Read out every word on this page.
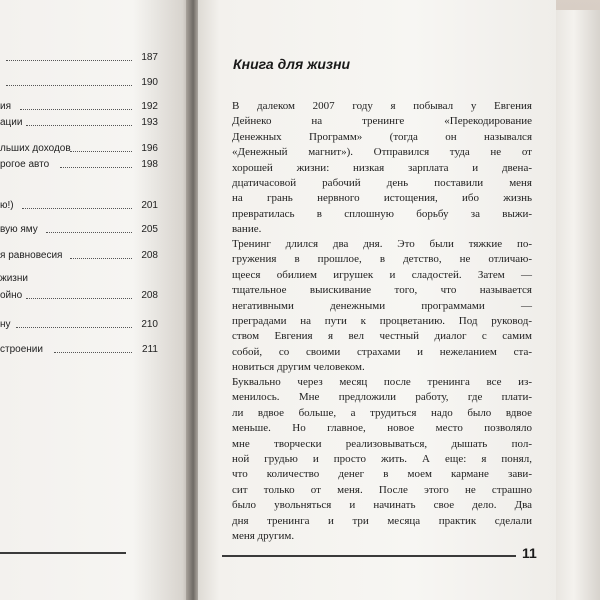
187
190
ия	192
ации	193
льших доходов	196
рогое авто	198
ю!)	201
вую яму	205
я равновесия	208
жизни
ойно	208
ну	210
строении	211
Книга для жизни
В далеком 2007 году я побывал у Евгения
Дейнеко на тренинге «Перекодирование
Денежных Программ» (тогда он назывался
«Денежный магнит»). Отправился туда не от
хорошей жизни: низкая зарплата и двена-
дцатичасовой рабочий день поставили меня
на грань нервного истощения, ибо жизнь
превратилась в сплошную борьбу за выжи-
вание.
Тренинг длился два дня. Это были тяжкие по-
гружения в прошлое, в детство, не отличаю-
щееся обилием игрушек и сладостей. Затем —
тщательное выискивание того, что называется
негативными денежными программами —
преградами на пути к процветанию. Под руковод-
ством Евгения я вел честный диалог с самим
собой, со своими страхами и нежеланием ста-
новиться другим человеком.
Буквально через месяц после тренинга все из-
менилось. Мне предложили работу, где плати-
ли вдвое больше, а трудиться надо было вдвое
меньше. Но главное, новое место позволяло
мне творчески реализовываться, дышать пол-
ной грудью и просто жить. А еще: я понял,
что количество денег в моем кармане зави-
сит только от меня. После этого не страшно
было увольняться и начинать свое дело. Два
дня тренинга и три месяца практик сделали
меня другим.
11
